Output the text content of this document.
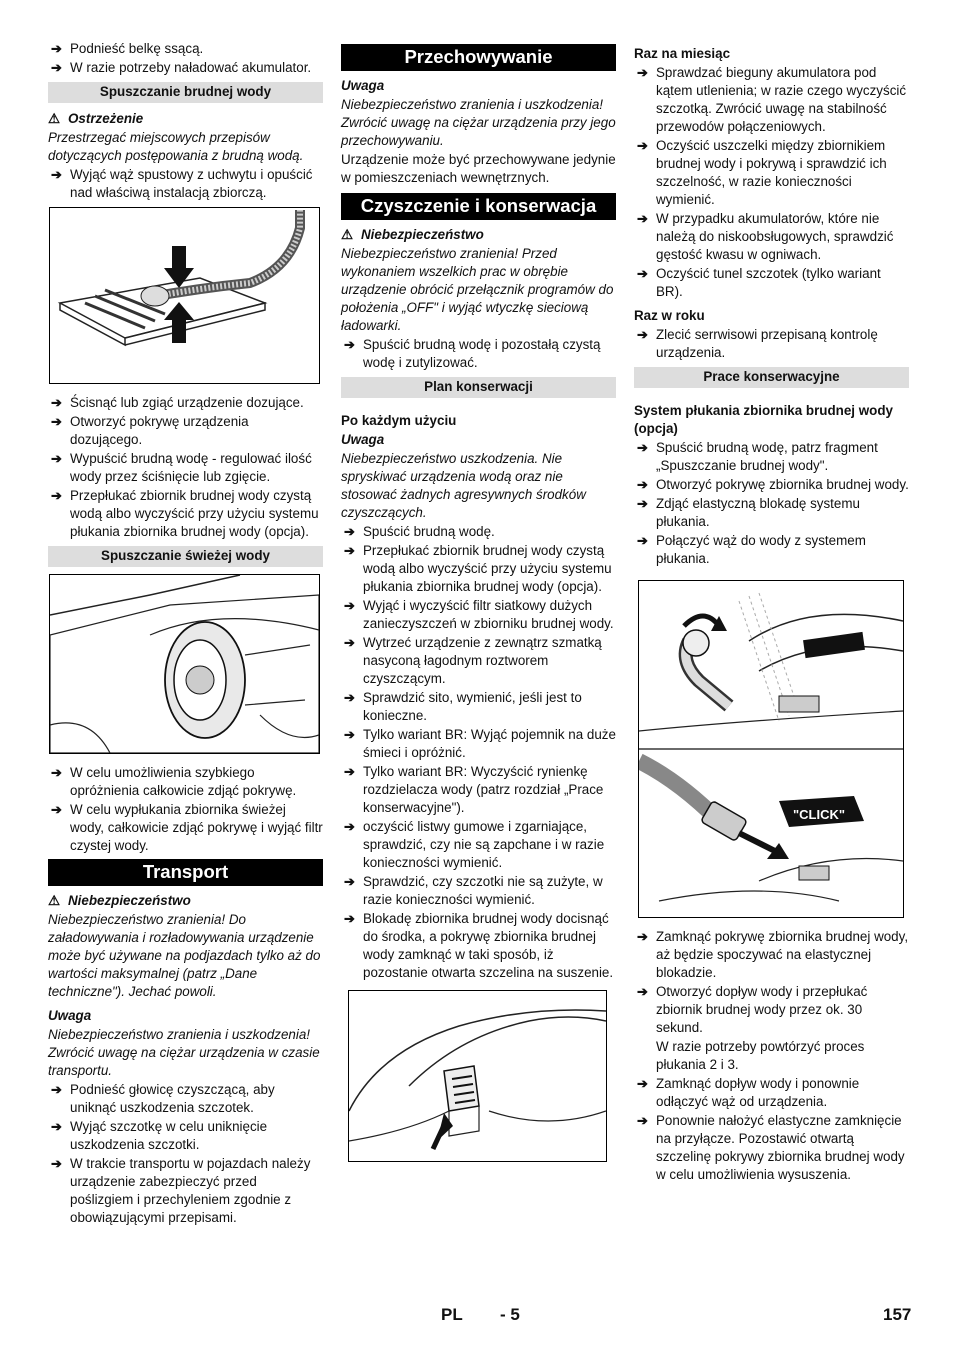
➔ Podnieść belkę ssącą.
➔ W razie potrzeby naładować akumulator.
Spuszczanie brudnej wody
⚠ Ostrzeżenie
Przestrzegać miejscowych przepisów dotyczących postępowania z brudną wodą.
➔ Wyjąć wąż spustowy z uchwytu i opuścić nad właściwą instalacją zbiorczą.
➔ Ścisnąć lub zgiąć urządzenie dozujące.
➔ Otworzyć pokrywę urządzenia dozującego.
➔ Wypuścić brudną wodę - regulować ilość wody przez ściśnięcie lub zgięcie.
➔ Przepłukać zbiornik brudnej wody czystą wodą albo wyczyścić przy użyciu systemu płukania zbiornika brudnej wody (opcja).
Spuszczanie świeżej wody
➔ W celu umożliwienia szybkiego opróżnienia całkowicie zdjąć pokrywę.
➔ W celu wypłukania zbiornika świeżej wody, całkowicie zdjąć pokrywę i wyjąć filtr czystej wody.
Transport
⚠ Niebezpieczeństwo
Niebezpieczeństwo zranienia! Do załadowywania i rozładowywania urządzenie może być używane na podjazdach tylko aż do wartości maksymalnej (patrz „Dane techniczne"). Jechać powoli.
Uwaga
Niebezpieczeństwo zranienia i uszkodzenia! Zwrócić uwagę na ciężar urządzenia w czasie transportu.
➔ Podnieść głowicę czyszczącą, aby uniknąć uszkodzenia szczotek.
➔ Wyjąć szczotkę w celu uniknięcie uszkodzenia szczotki.
➔ W trakcie transportu w pojazdach należy urządzenie zabezpieczyć przed poślizgiem i przechyleniem zgodnie z obowiązującymi przepisami.
Przechowywanie
Uwaga
Niebezpieczeństwo zranienia i uszkodzenia! Zwrócić uwagę na ciężar urządzenia przy jego przechowywaniu.
Urządzenie może być przechowywane jedynie w pomieszczeniach wewnętrznych.
Czyszczenie i konserwacja
⚠ Niebezpieczeństwo
Niebezpieczeństwo zranienia! Przed wykonaniem wszelkich prac w obrębie urządzenie obrócić przełącznik programów do położenia „OFF" i wyjąć wtyczkę sieciową ładowarki.
➔ Spuścić brudną wodę i pozostałą czystą wodę i zutylizować.
Plan konserwacji
Po każdym użyciu
Uwaga
Niebezpieczeństwo uszkodzenia. Nie spryskiwać urządzenia wodą oraz nie stosować żadnych agresywnych środków czyszczących.
➔ Spuścić brudną wodę.
➔ Przepłukać zbiornik brudnej wody czystą wodą albo wyczyścić przy użyciu systemu płukania zbiornika brudnej wody (opcja).
➔ Wyjąć i wyczyścić filtr siatkowy dużych zanieczyszczeń w zbiorniku brudnej wody.
➔ Wytrzeć urządzenie z zewnątrz szmatką nasyconą łagodnym roztworem czyszczącym.
➔ Sprawdzić sito, wymienić, jeśli jest to konieczne.
➔ Tylko wariant BR: Wyjąć pojemnik na duże śmieci i opróżnić.
➔ Tylko wariant BR: Wyczyścić rynienkę rozdzielacza wody (patrz rozdział „Prace konserwacyjne").
➔ oczyścić listwy gumowe i zgarniające, sprawdzić, czy nie są zapchane i w razie konieczności wymienić.
➔ Sprawdzić, czy szczotki nie są zużyte, w razie konieczności wymienić.
➔ Blokadę zbiornika brudnej wody docisnąć do środka, a pokrywę zbiornika brudnej wody zamknąć w taki sposób, iż pozostanie otwarta szczelina na suszenie.
Raz na miesiąc
➔ Sprawdzać bieguny akumulatora pod kątem utlenienia; w razie czego wyczyścić szczotką. Zwrócić uwagę na stabilność przewodów połączeniowych.
➔ Oczyścić uszczelki między zbiornikiem brudnej wody i pokrywą i sprawdzić ich szczelność, w razie konieczności wymienić.
➔ W przypadku akumulatorów, które nie należą do niskoobsługowych, sprawdzić gęstość kwasu w ogniwach.
➔ Oczyścić tunel szczotek (tylko wariant BR).
Raz w roku
➔ Zlecić serrwisowi przepisaną kontrolę urządzenia.
Prace konserwacyjne
System płukania zbiornika brudnej wody (opcja)
➔ Spuścić brudną wodę, patrz fragment „Spuszczanie brudnej wody".
➔ Otworzyć pokrywę zbiornika brudnej wody.
➔ Zdjąć elastyczną blokadę systemu płukania.
➔ Połączyć wąż do wody z systemem płukania.
"CLICK"
➔ Zamknąć pokrywę zbiornika brudnej wody, aż będzie spoczywać na elastycznej blokadzie.
➔ Otworzyć dopływ wody i przepłukać zbiornik brudnej wody przez ok. 30 sekund.
W razie potrzeby powtórzyć proces płukania 2 i 3.
➔ Zamknąć dopływ wody i ponownie odłączyć wąż od urządzenia.
➔ Ponownie nałożyć elastyczne zamknięcie na przyłącze. Pozostawić otwartą szczelinę pokrywy zbiornika brudnej wody w celu umożliwienia wysuszenia.
PL - 5	157
